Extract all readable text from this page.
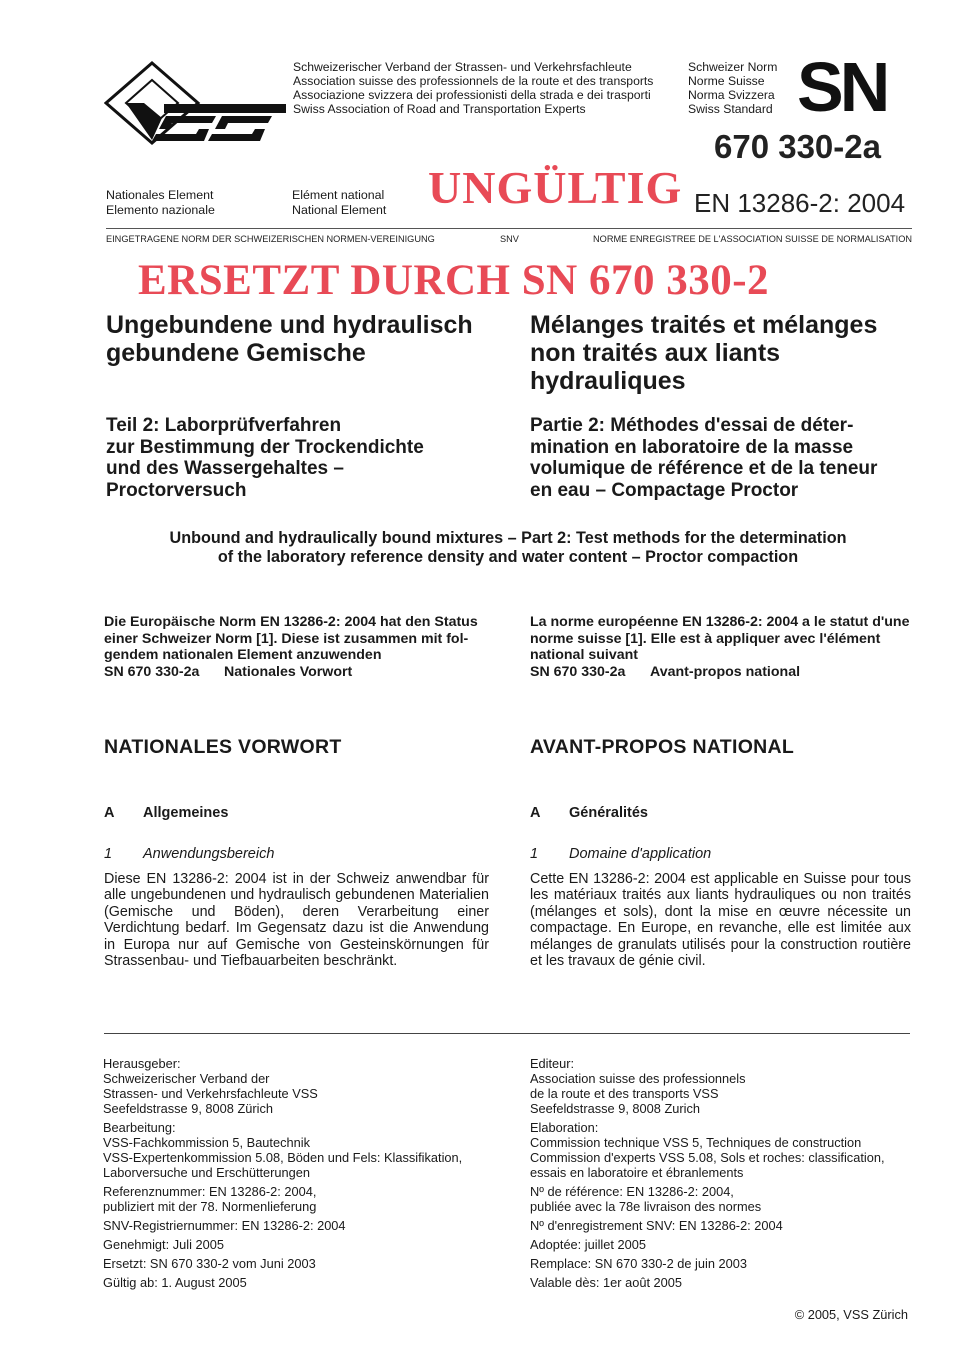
Schweizerischer Verband der Strassen- und Verkehrsfachleute
Association suisse des professionnels de la route et des transports
Associazione svizzera dei professionisti della strada e dei trasporti
Swiss Association of Road and Transportation Experts
Schweizer Norm
Norme Suisse
Norma Svizzera
Swiss Standard SN
670 330-2a
Nationales Element
Elemento nazionale
Elément national
National Element UNGÜLTIG EN 13286-2: 2004
EINGETRAGENE NORM DER SCHWEIZERISCHEN NORMEN-VEREINIGUNG	SNV	NORME ENREGISTREE DE L'ASSOCIATION SUISSE DE NORMALISATION
ERSETZT DURCH SN 670 330-2
Ungebundene und hydraulisch
gebundene Gemische
Mélanges traités et mélanges
non traités aux liants
hydrauliques
Teil 2: Laborprüfverfahren
zur Bestimmung der Trockendichte
und des Wassergehaltes –
Proctorversuch
Partie 2: Méthodes d'essai de déter-
mination en laboratoire de la masse
volumique de référence et de la teneur
en eau – Compactage Proctor
Unbound and hydraulically bound mixtures – Part 2: Test methods for the determination
of the laboratory reference density and water content – Proctor compaction
Die Europäische Norm EN 13286-2: 2004 hat den Status
einer Schweizer Norm [1]. Diese ist zusammen mit fol-
gendem nationalen Element anzuwenden
SN 670 330-2a Nationales Vorwort
La norme européenne EN 13286-2: 2004 a le statut d'une
norme suisse [1]. Elle est à appliquer avec l'élément
national suivant
SN 670 330-2a Avant-propos national
NATIONALES VORWORT	AVANT-PROPOS NATIONAL
A Allgemeines	A Généralités
1 Anwendungsbereich	1 Domaine d'application
Diese EN 13286-2: 2004 ist in der Schweiz anwendbar für alle ungebundenen und hydraulisch gebundenen Materialien (Gemische und Böden), deren Verarbeitung einer Verdichtung bedarf. Im Gegensatz dazu ist die Anwendung in Europa nur auf Gemische von Gesteinskörnungen für Strassenbau- und Tiefbauarbeiten beschränkt.
Cette EN 13286-2: 2004 est applicable en Suisse pour tous les matériaux traités aux liants hydrauliques ou non traités (mélanges et sols), dont la mise en œuvre nécessite un compactage. En Europe, en revanche, elle est limitée aux mélanges de granulats utilisés pour la construction routière et les travaux de génie civil.
Herausgeber:
Schweizerischer Verband der
Strassen- und Verkehrsfachleute VSS
Seefeldstrasse 9, 8008 Zürich
Bearbeitung:
VSS-Fachkommission 5, Bautechnik
VSS-Expertenkommission 5.08, Böden und Fels: Klassifikation,
Laborversuche und Erschütterungen
Referenznummer: EN 13286-2: 2004,
publiziert mit der 78. Normenlieferung
SNV-Registriernummer: EN 13286-2: 2004
Genehmigt: Juli 2005
Ersetzt: SN 670 330-2 vom Juni 2003
Gültig ab: 1. August 2005
Editeur:
Association suisse des professionnels
de la route et des transports VSS
Seefeldstrasse 9, 8008 Zurich
Elaboration:
Commission technique VSS 5, Techniques de construction
Commission d'experts VSS 5.08, Sols et roches: classification,
essais en laboratoire et ébranlements
Nº de référence: EN 13286-2: 2004,
publiée avec la 78e livraison des normes
Nº d'enregistrement SNV: EN 13286-2: 2004
Adoptée: juillet 2005
Remplace: SN 670 330-2 de juin 2003
Valable dès: 1er août 2005
© 2005, VSS Zürich
